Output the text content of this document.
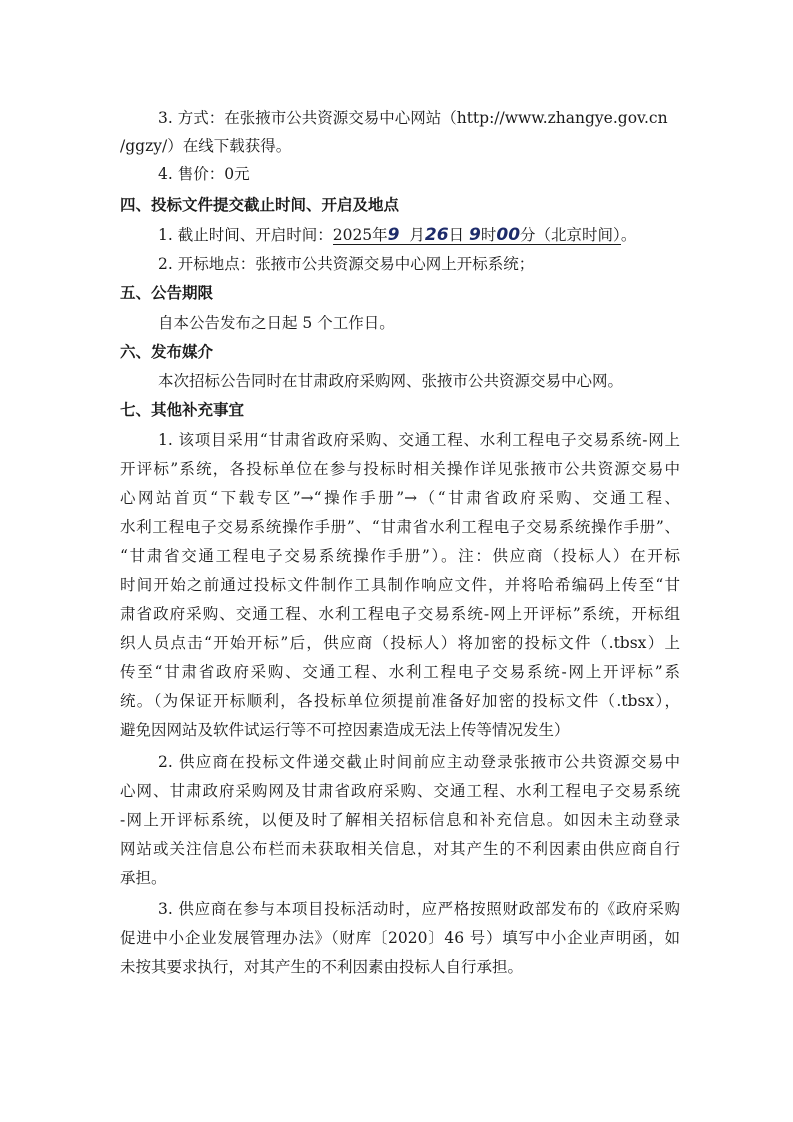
3. 方式：在张掖市公共资源交易中心网站（http://www.zhangye.gov.cn
/ggzy/）在线下载获得。
4. 售价：0元
四、投标文件提交截止时间、开启及地点
1. 截止时间、开启时间：2025年9 月26日 9时00分（北京时间）。
2. 开标地点：张掖市公共资源交易中心网上开标系统；
五、公告期限
自本公告发布之日起 5 个工作日。
六、发布媒介
本次招标公告同时在甘肃政府采购网、张掖市公共资源交易中心网。
七、其他补充事宜
1. 该项目采用“甘肃省政府采购、交通工程、水利工程电子交易系统-网上
开评标”系统，各投标单位在参与投标时相关操作详见张掖市公共资源交易中
心网站首页“下载专区”→“操作手册”→（“甘肃省政府采购、交通工程、
水利工程电子交易系统操作手册”、“甘肃省水利工程电子交易系统操作手册”、
“甘肃省交通工程电子交易系统操作手册”）。注：供应商（投标人）在开标
时间开始之前通过投标文件制作工具制作响应文件，并将哈希编码上传至“甘
肃省政府采购、交通工程、水利工程电子交易系统-网上开评标”系统，开标组
织人员点击“开始开标”后，供应商（投标人）将加密的投标文件（.tbsx）上
传至“甘肃省政府采购、交通工程、水利工程电子交易系统-网上开评标”系
统。（为保证开标顺利，各投标单位须提前准备好加密的投标文件（.tbsx），
避免因网站及软件试运行等不可控因素造成无法上传等情况发生）
2. 供应商在投标文件递交截止时间前应主动登录张掖市公共资源交易中
心网、甘肃政府采购网及甘肃省政府采购、交通工程、水利工程电子交易系统
-网上开评标系统，以便及时了解相关招标信息和补充信息。如因未主动登录
网站或关注信息公布栏而未获取相关信息，对其产生的不利因素由供应商自行
承担。
3. 供应商在参与本项目投标活动时，应严格按照财政部发布的《政府采购
促进中小企业发展管理办法》（财库〔2020〕46 号）填写中小企业声明函，如
未按其要求执行，对其产生的不利因素由投标人自行承担。
